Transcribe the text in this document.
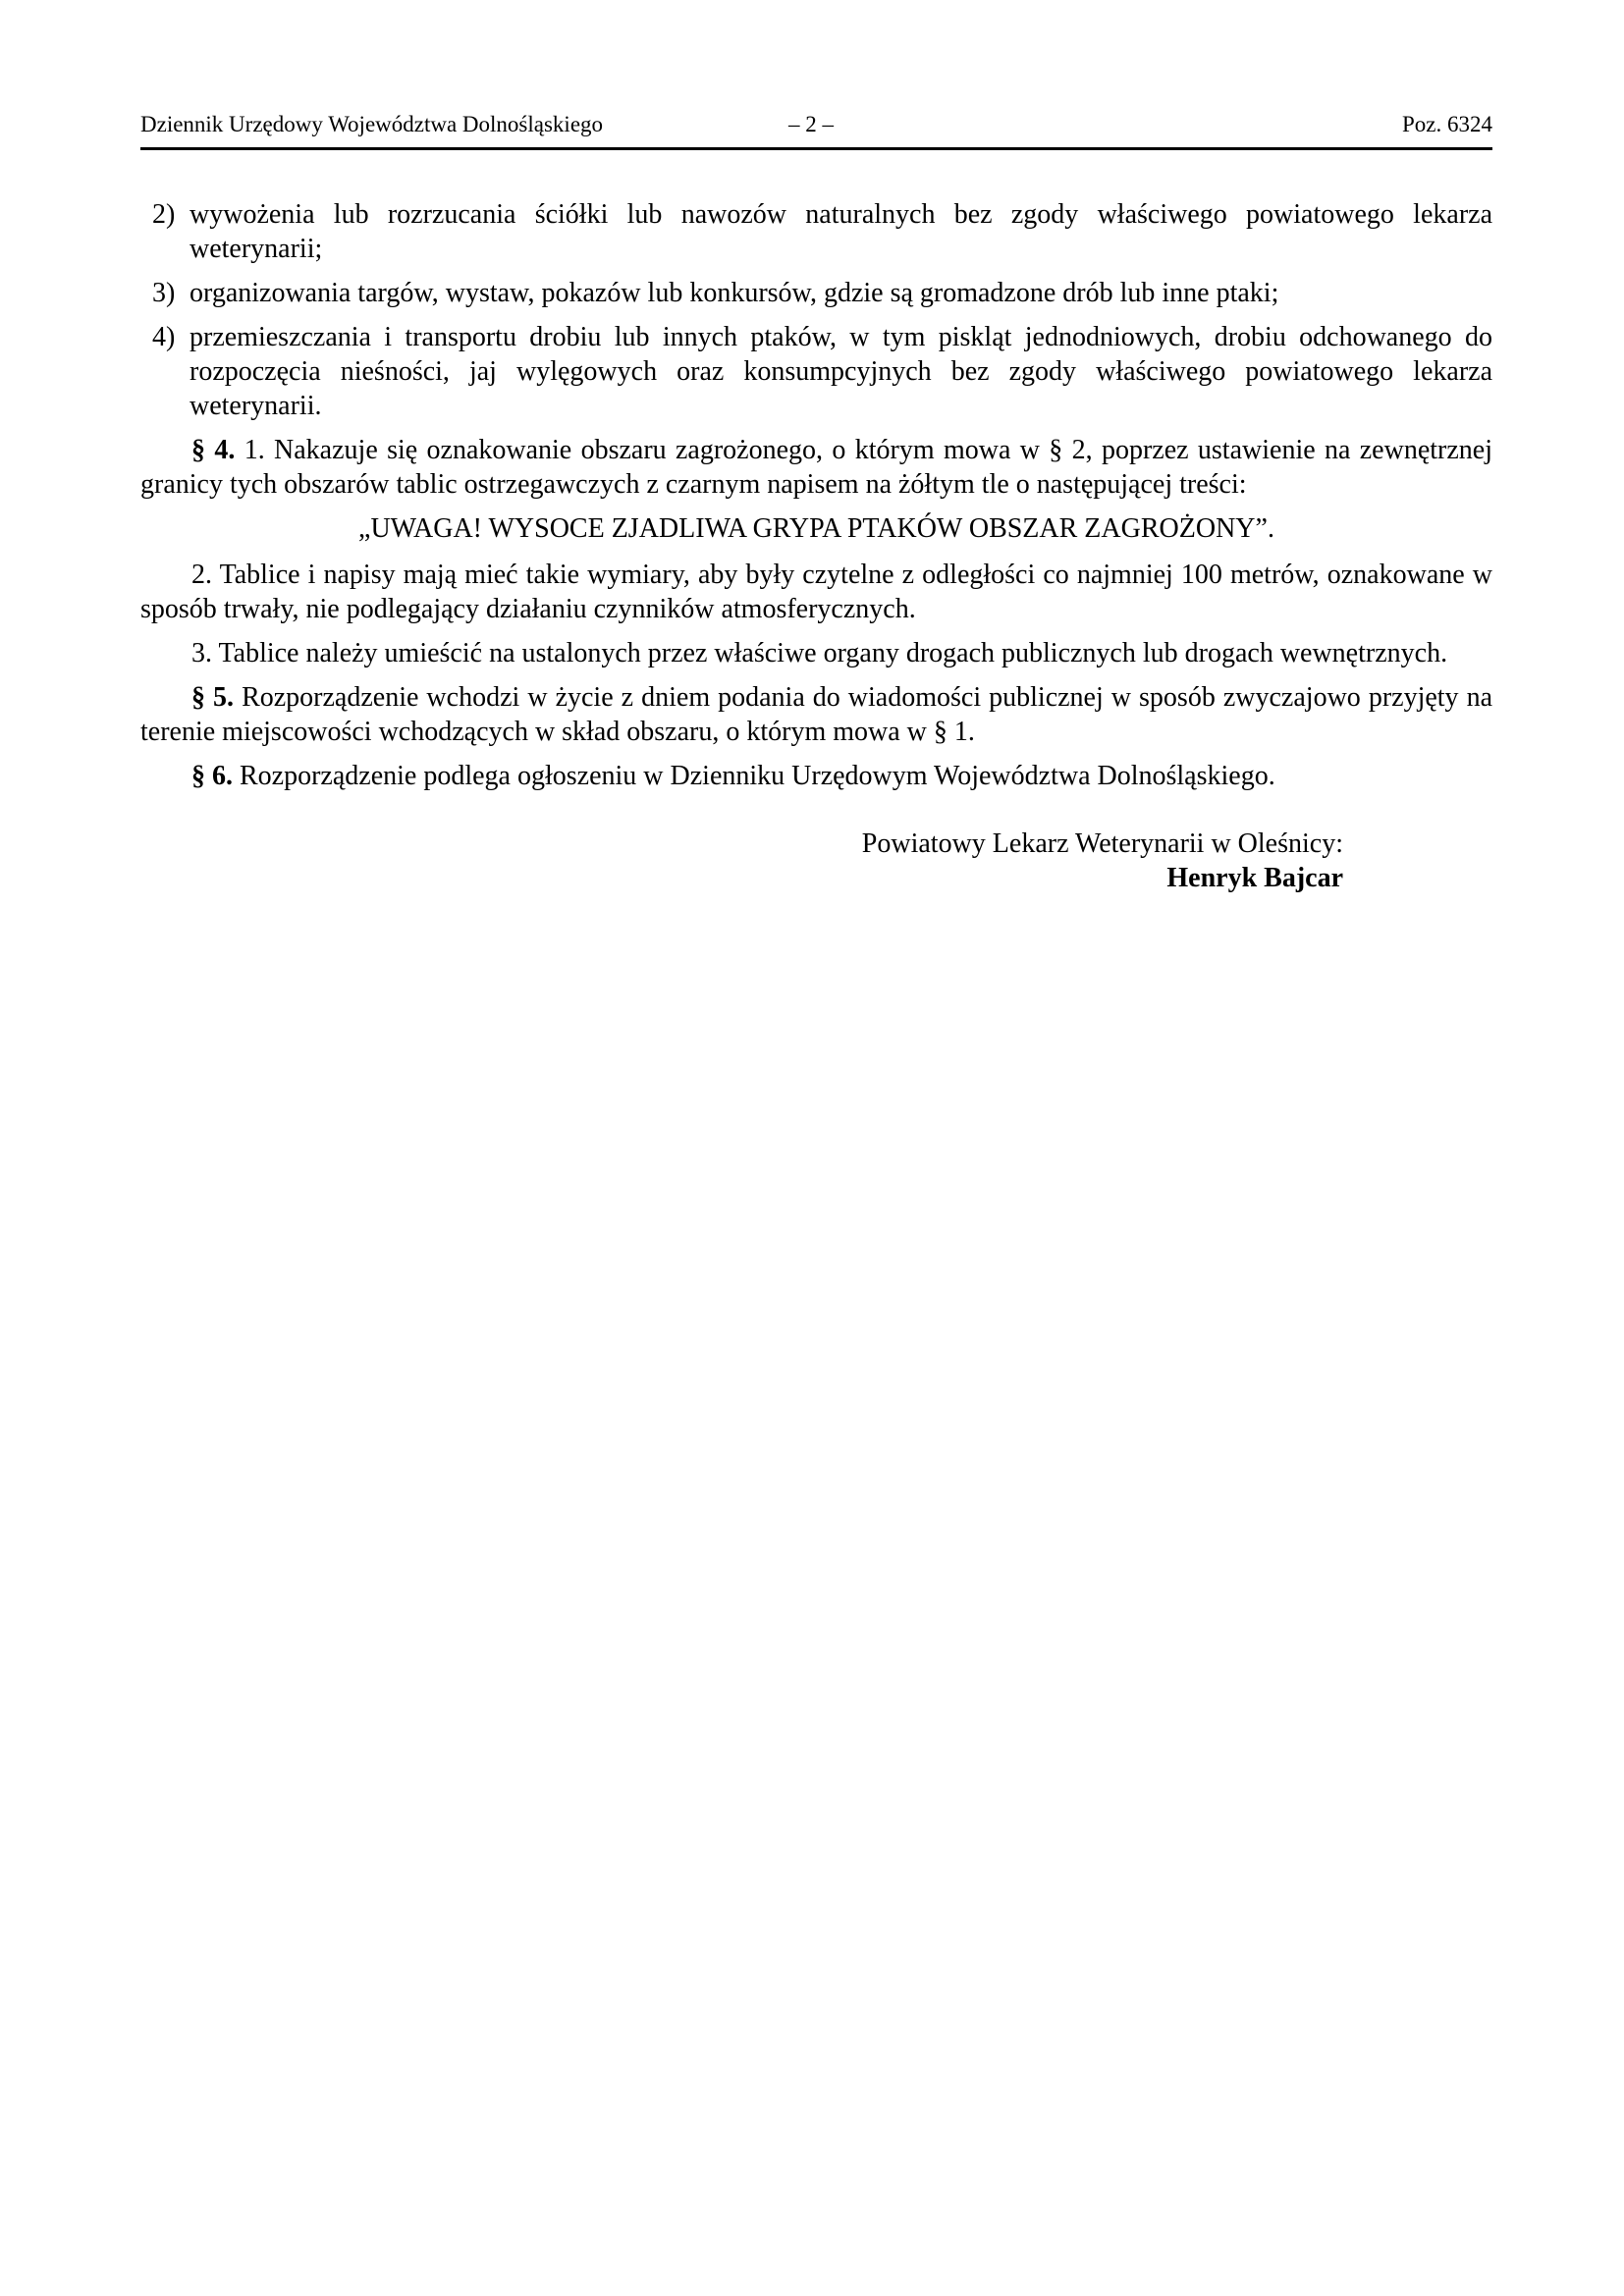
Dziennik Urzędowy Województwa Dolnośląskiego	– 2 –	Poz. 6324
2) wywożenia lub rozrzucania ściółki lub nawozów naturalnych bez zgody właściwego powiatowego lekarza weterynarii;
3) organizowania targów, wystaw, pokazów lub konkursów, gdzie są gromadzone drób lub inne ptaki;
4) przemieszczania i transportu drobiu lub innych ptaków, w tym piskląt jednodniowych, drobiu odchowanego do rozpoczęcia nieśności, jaj wylęgowych oraz konsumpcyjnych bez zgody właściwego powiatowego lekarza weterynarii.

§ 4. 1. Nakazuje się oznakowanie obszaru zagrożonego, o którym mowa w § 2, poprzez ustawienie na zewnętrznej granicy tych obszarów tablic ostrzegawczych z czarnym napisem na żółtym tle o następującej treści:

„UWAGA! WYSOCE ZJADLIWA GRYPA PTAKÓW OBSZAR ZAGROŻONY”.

2. Tablice i napisy mają mieć takie wymiary, aby były czytelne z odległości co najmniej 100 metrów, oznakowane w sposób trwały, nie podlegający działaniu czynników atmosferycznych.

3. Tablice należy umieścić na ustalonych przez właściwe organy drogach publicznych lub drogach wewnętrznych.

§ 5. Rozporządzenie wchodzi w życie z dniem podania do wiadomości publicznej w sposób zwyczajowo przyjęty na terenie miejscowości wchodzących w skład obszaru, o którym mowa w § 1.

§ 6. Rozporządzenie podlega ogłoszeniu w Dzienniku Urzędowym Województwa Dolnośląskiego.

Powiatowy Lekarz Weterynarii w Oleśnicy:
Henryk Bajcar
